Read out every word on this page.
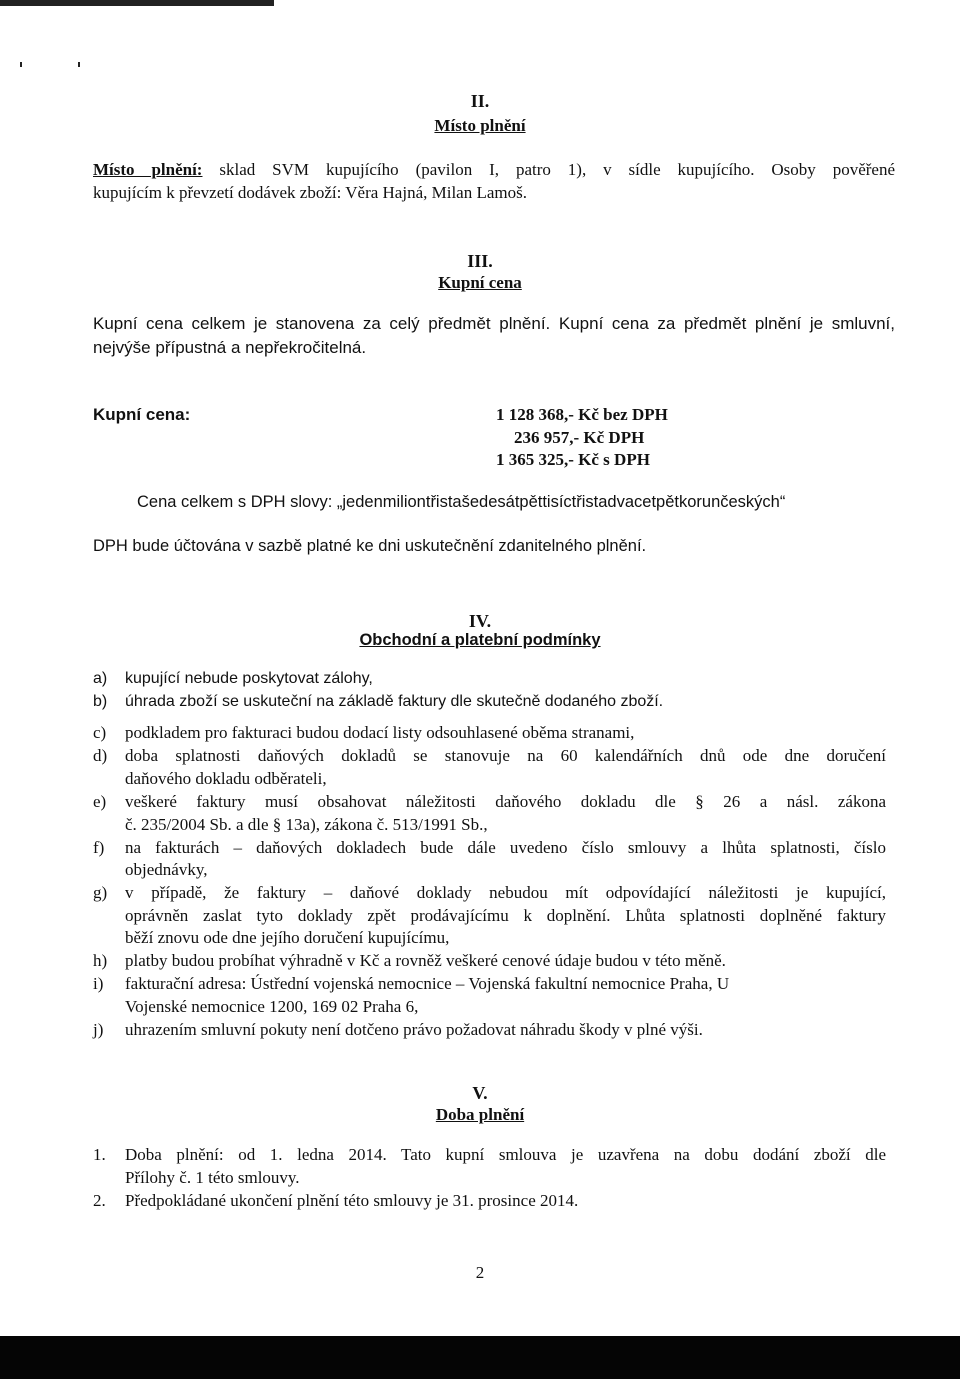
II.
Místo plnění
Místo plnění: sklad SVM kupujícího (pavilon I, patro 1), v sídle kupujícího. Osoby pověřené
kupujícím k převzetí dodávek zboží: Věra Hajná, Milan Lamoš.
III.
Kupní cena
Kupní cena celkem je stanovena za celý předmět plnění. Kupní cena za předmět plnění je smluvní,
nejvýše přípustná a nepřekročitelná.
Kupní cena:	1 128 368,- Kč bez DPH
236 957,- Kč DPH
1 365 325,- Kč s DPH
Cena celkem s DPH slovy: „jedenmiliontřistašedesátpěttisíctřistadvacetpětkorunčeských“
DPH bude účtována v sazbě platné ke dni uskutečnění zdanitelného plnění.
IV.
Obchodní a platební podmínky
a)	kupující nebude poskytovat zálohy,
b)	úhrada zboží se uskuteční na základě faktury dle skutečně dodaného zboží.
c)	podkladem pro fakturaci budou dodací listy odsouhlasené oběma stranami,
d)	doba splatnosti daňových dokladů se stanovuje na 60 kalendářních dnů ode dne doručení
daňového dokladu odběrateli,
e)	veškeré faktury musí obsahovat náležitosti daňového dokladu dle § 26 a násl. zákona
č. 235/2004 Sb. a dle § 13a), zákona č. 513/1991 Sb.,
f)	na fakturách – daňových dokladech bude dále uvedeno číslo smlouvy a lhůta splatnosti, číslo
objednávky,
g)	v případě, že faktury – daňové doklady nebudou mít odpovídající náležitosti je kupující,
oprávněn zaslat tyto doklady zpět prodávajícímu k doplnění. Lhůta splatnosti doplněné faktury
běží znovu ode dne jejího doručení kupujícímu,
h)	platby budou probíhat výhradně v Kč a rovněž veškeré cenové údaje budou v této měně.
i)	fakturační adresa: Ústřední vojenská nemocnice – Vojenská fakultní nemocnice Praha, U
Vojenské nemocnice 1200, 169 02 Praha 6,
j)	uhrazením smluvní pokuty není dotčeno právo požadovat náhradu škody v plné výši.
V.
Doba plnění
1.	Doba plnění: od 1. ledna 2014. Tato kupní smlouva je uzavřena na dobu dodání zboží dle
Přílohy č. 1 této smlouvy.
2.	Předpokládané ukončení plnění této smlouvy je 31. prosince 2014.
2
